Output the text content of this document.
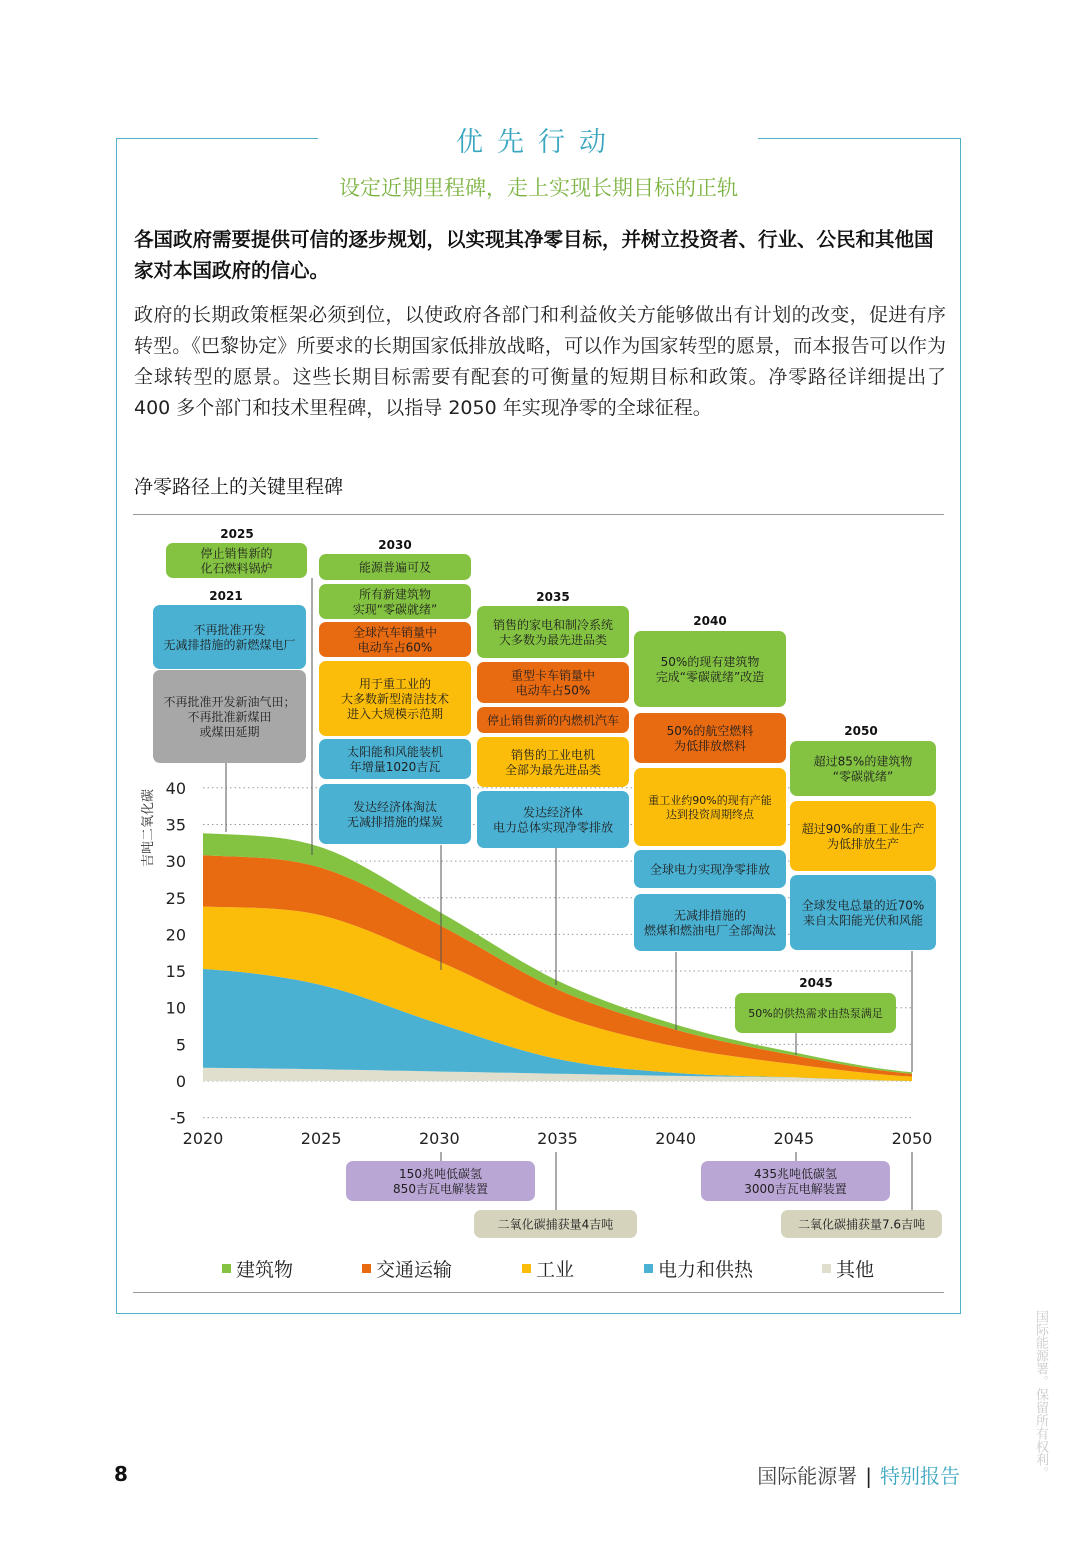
优先行动
设定近期里程碑，走上实现长期目标的正轨
各国政府需要提供可信的逐步规划，以实现其净零目标，并树立投资者、行业、公民和其他国家对本国政府的信心。
政府的长期政策框架必须到位，以使政府各部门和利益攸关方能够做出有计划的改变，促进有序转型。《巴黎协定》所要求的长期国家低排放战略，可以作为国家转型的愿景，而本报告可以作为全球转型的愿景。这些长期目标需要有配套的可衡量的短期目标和政策。净零路径详细提出了 400 多个部门和技术里程碑，以指导 2050 年实现净零的全球征程。
净零路径上的关键里程碑
40
35
30
25
20
15
10
5
0
-5
2020	2025	2030	2035	2040	2045	2050
吉吨二氧化碳
2021
不再批准开发
无减排措施的新燃煤电厂
不再批准开发新油气田；
不再批准新煤田
或煤田延期
2025
停止销售新的
化石燃料锅炉
2030
能源普遍可及
所有新建筑物
实现“零碳就绪”
全球汽车销量中
电动车占60%
用于重工业的
大多数新型清洁技术
进入大规模示范期
太阳能和风能装机
年增量1020吉瓦
发达经济体淘汰
无减排措施的煤炭
2035
销售的家电和制冷系统
大多数为最先进品类
重型卡车销量中
电动车占50%
停止销售新的内燃机汽车
销售的工业电机
全部为最先进品类
发达经济体
电力总体实现净零排放
2040
50%的现有建筑物
完成“零碳就绪”改造
50%的航空燃料
为低排放燃料
重工业约90%的现有产能
达到投资周期终点
全球电力实现净零排放
无减排措施的
燃煤和燃油电厂全部淘汰
2045
50%的供热需求由热泵满足
2050
超过85%的建筑物
“零碳就绪”
超过90%的重工业生产
为低排放生产
全球发电总量的近70%
来自太阳能光伏和风能
150兆吨低碳氢
850吉瓦电解装置
二氧化碳捕获量4吉吨
435兆吨低碳氢
3000吉瓦电解装置
二氧化碳捕获量7.6吉吨
建筑物	交通运输	工业	电力和供热	其他
8	国际能源署 | 特别报告	国际能源署。保留所有权利。
